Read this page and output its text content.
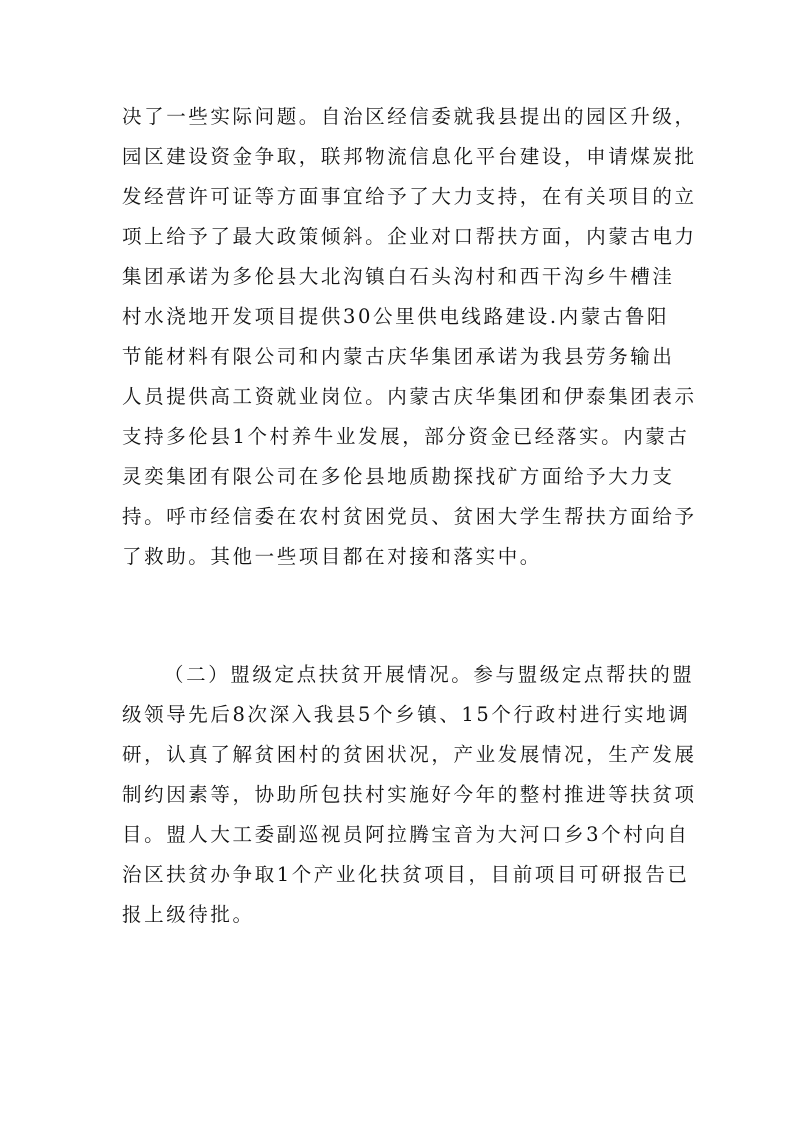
决了一些实际问题。自治区经信委就我县提出的园区升级，
园区建设资金争取，联邦物流信息化平台建设，申请煤炭批
发经营许可证等方面事宜给予了大力支持，在有关项目的立
项上给予了最大政策倾斜。企业对口帮扶方面，内蒙古电力
集团承诺为多伦县大北沟镇白石头沟村和西干沟乡牛槽洼
村水浇地开发项目提供30公里供电线路建设.内蒙古鲁阳
节能材料有限公司和内蒙古庆华集团承诺为我县劳务输出
人员提供高工资就业岗位。内蒙古庆华集团和伊泰集团表示
支持多伦县1个村养牛业发展，部分资金已经落实。内蒙古
灵奕集团有限公司在多伦县地质勘探找矿方面给予大力支
持。呼市经信委在农村贫困党员、贫困大学生帮扶方面给予
了救助。其他一些项目都在对接和落实中。
（二）盟级定点扶贫开展情况。参与盟级定点帮扶的盟
级领导先后8次深入我县5个乡镇、15个行政村进行实地调
研，认真了解贫困村的贫困状况，产业发展情况，生产发展
制约因素等，协助所包扶村实施好今年的整村推进等扶贫项
目。盟人大工委副巡视员阿拉腾宝音为大河口乡3个村向自
治区扶贫办争取1个产业化扶贫项目，目前项目可研报告已
报上级待批。
